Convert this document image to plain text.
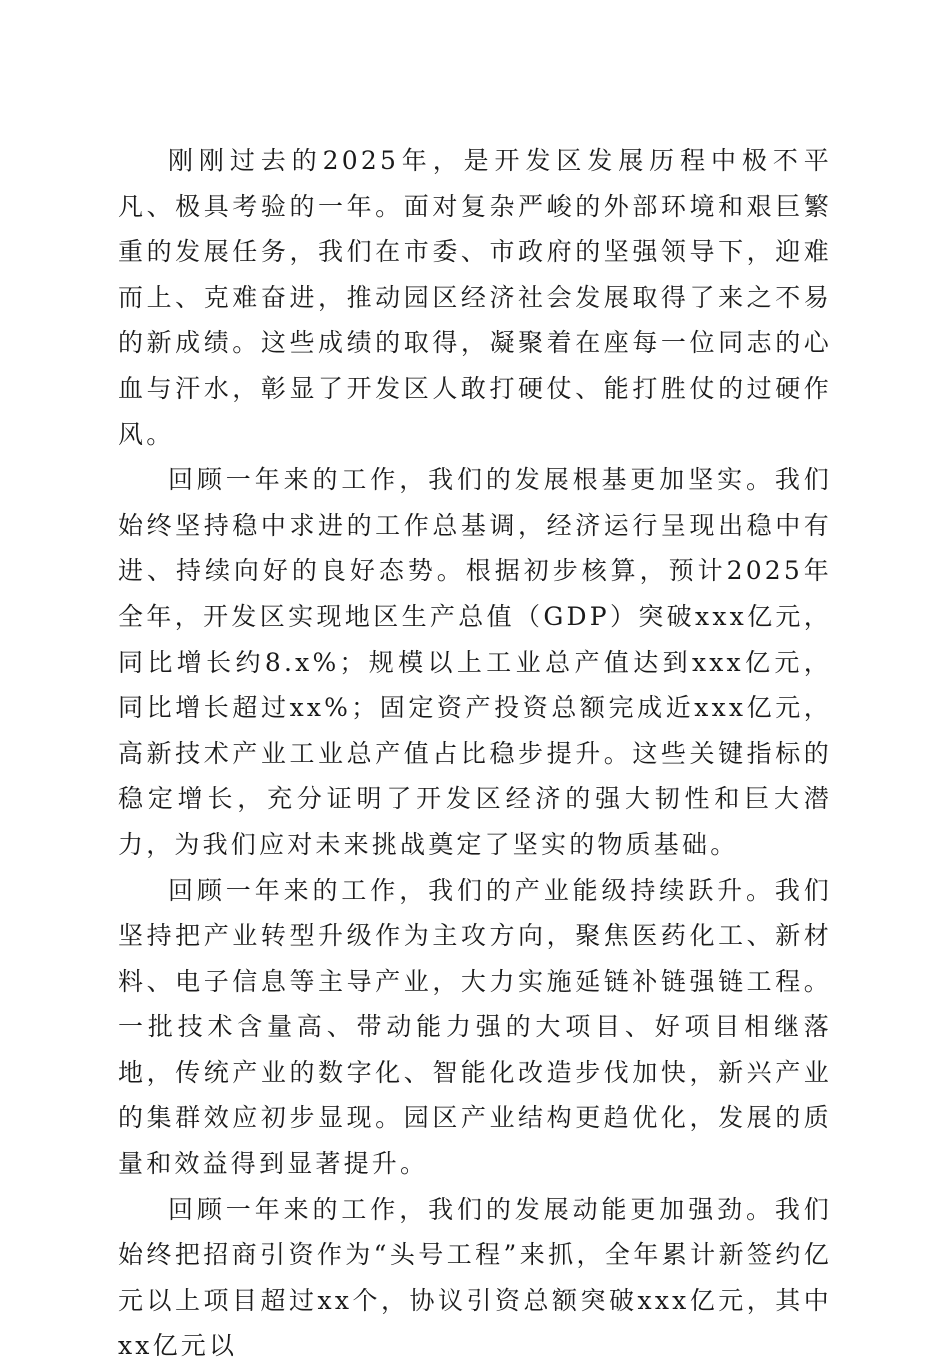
刚刚过去的2025年，是开发区发展历程中极不平凡、极具考验的一年。面对复杂严峻的外部环境和艰巨繁重的发展任务，我们在市委、市政府的坚强领导下，迎难而上、克难奋进，推动园区经济社会发展取得了来之不易的新成绩。这些成绩的取得，凝聚着在座每一位同志的心血与汗水，彰显了开发区人敢打硬仗、能打胜仗的过硬作风。

回顾一年来的工作，我们的发展根基更加坚实。我们始终坚持稳中求进的工作总基调，经济运行呈现出稳中有进、持续向好的良好态势。根据初步核算，预计2025年全年，开发区实现地区生产总值（GDP）突破xxx亿元，同比增长约8.x%；规模以上工业总产值达到xxx亿元，同比增长超过xx%；固定资产投资总额完成近xxx亿元，高新技术产业工业总产值占比稳步提升。这些关键指标的稳定增长，充分证明了开发区经济的强大韧性和巨大潜力，为我们应对未来挑战奠定了坚实的物质基础。

回顾一年来的工作，我们的产业能级持续跃升。我们坚持把产业转型升级作为主攻方向，聚焦医药化工、新材料、电子信息等主导产业，大力实施延链补链强链工程。一批技术含量高、带动能力强的大项目、好项目相继落地，传统产业的数字化、智能化改造步伐加快，新兴产业的集群效应初步显现。园区产业结构更趋优化，发展的质量和效益得到显著提升。

回顾一年来的工作，我们的发展动能更加强劲。我们始终把招商引资作为“头号工程”来抓，全年累计新签约亿元以上项目超过xx个，协议引资总额突破xxx亿元，其中xx亿元以
